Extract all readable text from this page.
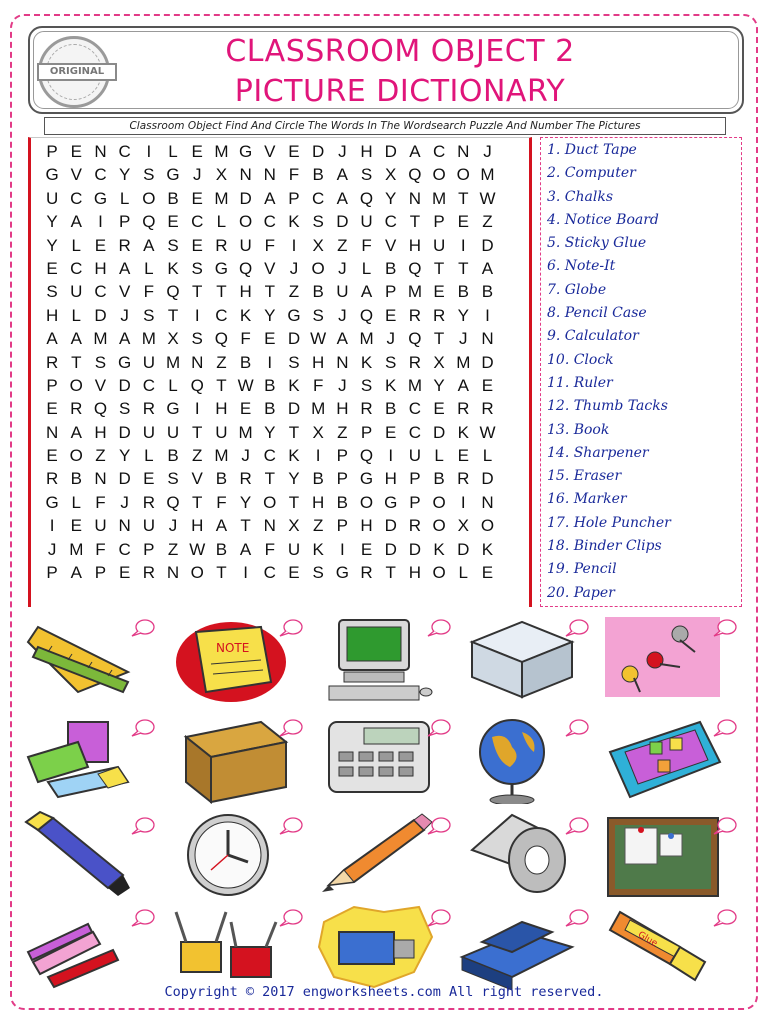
ORIGINAL
CLASSROOM OBJECT 2
PICTURE DICTIONARY
Classroom Object Find And Circle The Words In The Wordsearch Puzzle And Number The Pictures
P E N C I	L E M G V E D J H D A C N J
G V C Y S G J X N N F B A S X Q O O M
U C G L O B E M D A P C A Q Y N M T W
Y A I P Q E C L O C K S D U C T P E Z
Y L E R A S E R U F I X Z F V H U I D
E C H A L K S G Q V J O J L B Q T T A
S U C V F Q T T H T Z B U A P M E B B
H L D J S T I C K Y G S J Q E R R Y I
A A M A M X S Q F E D W A M J Q T J N
R T S G U M N Z B I S H N K S R X M D
P O V D C L Q T W B K F J S K M Y A E
E R Q S R G I H E B D M H R B C E R R
N A H D U U T U M Y T X Z P E C D K W
E O Z Y L B Z M J C K I P Q I U L E L
R B N D E S V B R T Y B P G H P B R D
G L F J R Q T F Y O T H B O G P O I N
I E U N U J H A T N X Z P H D R O X O
J M F C P Z W B A F U K I E D D K D K
P A P E R N O T I C E S G R T H O L E
1. Duct Tape
2. Computer
3. Chalks
4. Notice Board
5. Sticky Glue
6. Note-It
7. Globe
8. Pencil Case
9. Calculator
10. Clock
11. Ruler
12. Thumb Tacks
13. Book
14. Sharpener
15. Eraser
16. Marker
17. Hole Puncher
18. Binder Clips
19. Pencil
20. Paper
NOTE
Glue
Copyright © 2017 engworksheets.com All right reserved.
